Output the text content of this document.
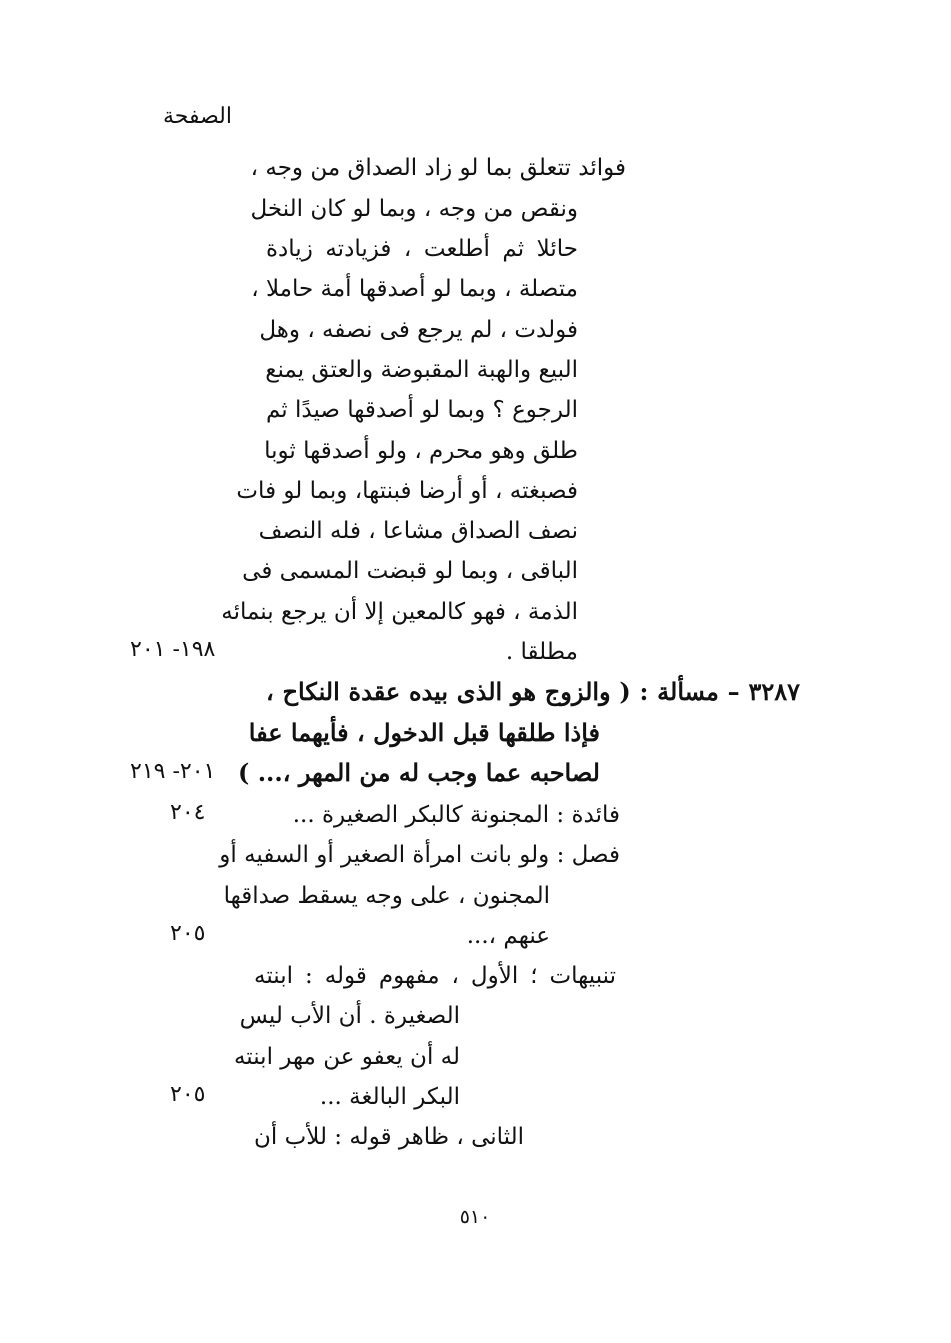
الصفحة
فوائد تتعلق بما لو زاد الصداق من وجه ،
ونقص من وجه ، وبما لو كان النخل
حائلا ثم أطلعت ، فزيادته زيادة
متصلة ، وبما لو أصدقها أمة حاملا ،
فولدت ، لم يرجع فى نصفه ، وهل
البيع والهبة المقبوضة والعتق يمنع
الرجوع ؟ وبما لو أصدقها صيدًا ثم
طلق وهو محرم ، ولو أصدقها ثوبا
فصبغته ، أو أرضا فبنتها، وبما لو فات
نصف الصداق مشاعا ، فله النصف
الباقى ، وبما لو قبضت المسمى فى
الذمة ، فهو كالمعين إلا أن يرجع بنمائه
مطلقا .
١٩٨- ٢٠١
٣٢٨٧ – مسألة : ( والزوج هو الذى بيده عقدة النكاح ،
فإذا طلقها قبل الدخول ، فأيهما عفا
لصاحبه عما وجب له من المهر ،... )
٢٠١- ٢١٩
فائدة : المجنونة كالبكر الصغيرة ...
٢٠٤
فصل : ولو بانت امرأة الصغير أو السفيه أو
المجنون ، على وجه يسقط صداقها
عنهم ،...
٢٠٥
تنبيهات ؛ الأول ، مفهوم قوله : ابنته
الصغيرة . أن الأب ليس
له أن يعفو عن مهر ابنته
البكر البالغة ...
٢٠٥
الثانى ، ظاهر قوله : للأب أن
٥١٠
